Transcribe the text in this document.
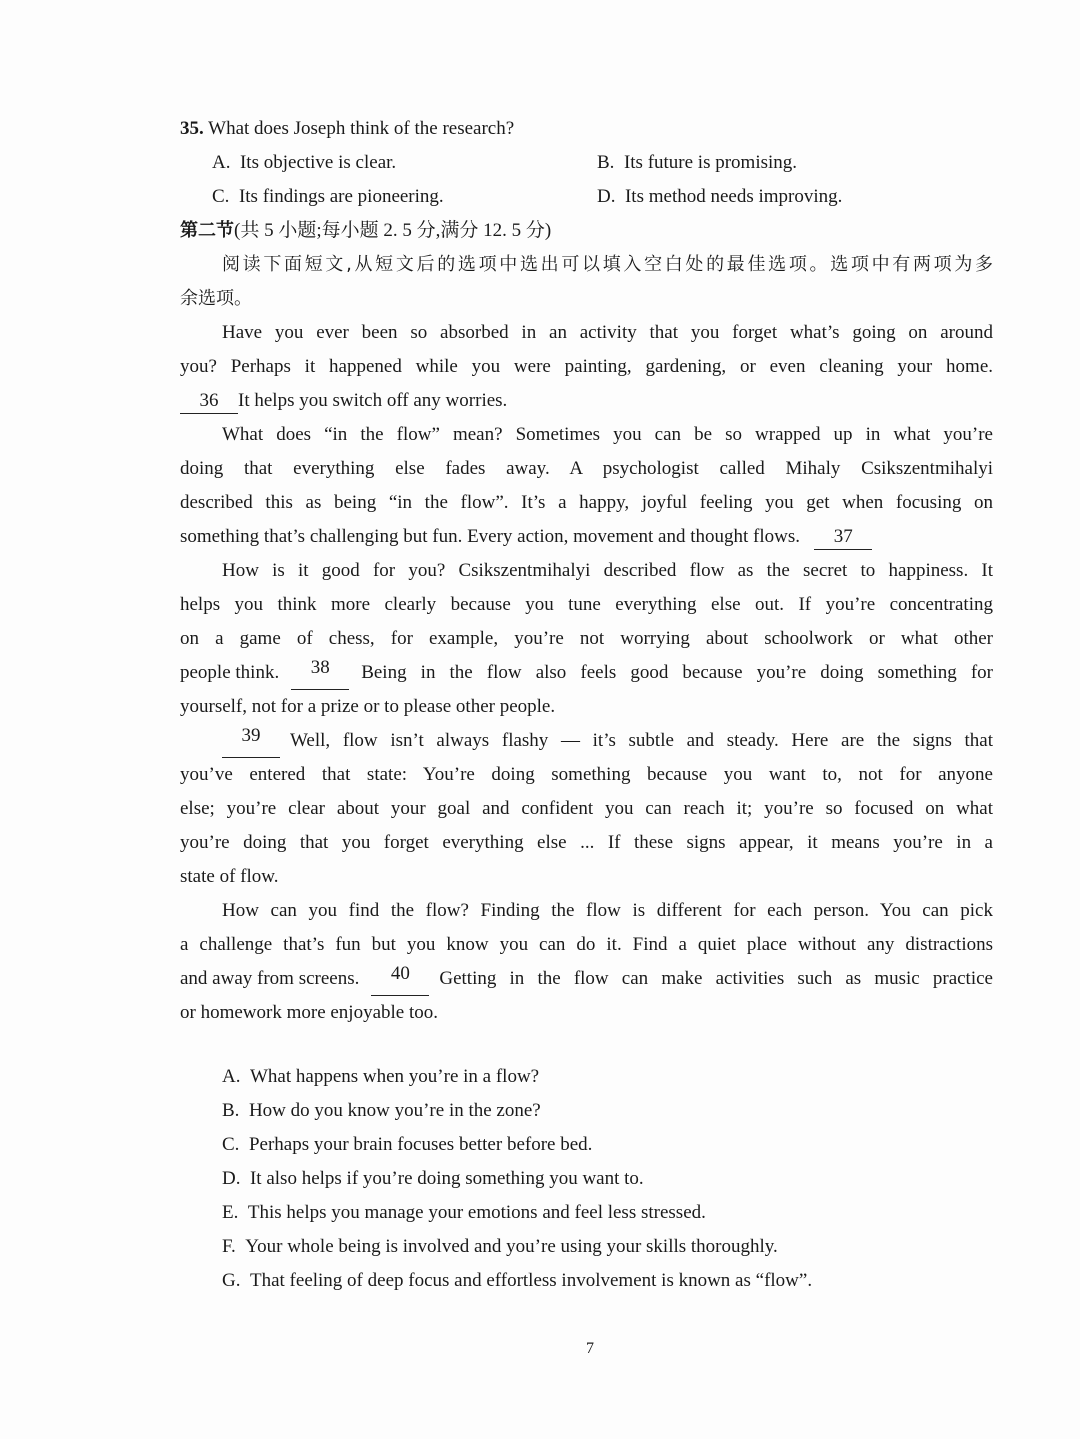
35. What does Joseph think of the research?
A. Its objective is clear.	B. Its future is promising.
C. Its findings are pioneering.	D. Its method needs improving.
第二节(共 5 小题;每小题 2. 5 分,满分 12. 5 分)
阅读下面短文,从短文后的选项中选出可以填入空白处的最佳选项。选项中有两项为多
余选项。
Have you ever been so absorbed in an activity that you forget what’s going on around
you? Perhaps it happened while you were painting, gardening, or even cleaning your home.
36 It helps you switch off any worries.
What does “in the flow” mean? Sometimes you can be so wrapped up in what you’re
doing that everything else fades away. A psychologist called Mihaly Csikszentmihalyi
described this as being “in the flow”. It’s a happy, joyful feeling you get when focusing on
something that’s challenging but fun. Every action, movement and thought flows. 37
How is it good for you? Csikszentmihalyi described flow as the secret to happiness. It
helps you think more clearly because you tune everything else out. If you’re concentrating
on a game of chess, for example, you’re not worrying about schoolwork or what other
people think.	38	Being in the flow also feels good because you’re doing something for
yourself, not for a prize or to please other people.
39	Well, flow isn’t always flashy — it’s subtle and steady. Here are the signs that
you’ve entered that state: You’re doing something because you want to, not for anyone
else; you’re clear about your goal and confident you can reach it; you’re so focused on what
you’re doing that you forget everything else ... If these signs appear, it means you’re in a
state of flow.
How can you find the flow? Finding the flow is different for each person. You can pick
a challenge that’s fun but you know you can do it. Find a quiet place without any distractions
and away from screens.	40	Getting in the flow can make activities such as music practice
or homework more enjoyable too.
A. What happens when you’re in a flow?
B. How do you know you’re in the zone?
C. Perhaps your brain focuses better before bed.
D. It also helps if you’re doing something you want to.
E. This helps you manage your emotions and feel less stressed.
F. Your whole being is involved and you’re using your skills thoroughly.
G. That feeling of deep focus and effortless involvement is known as “flow”.
7
